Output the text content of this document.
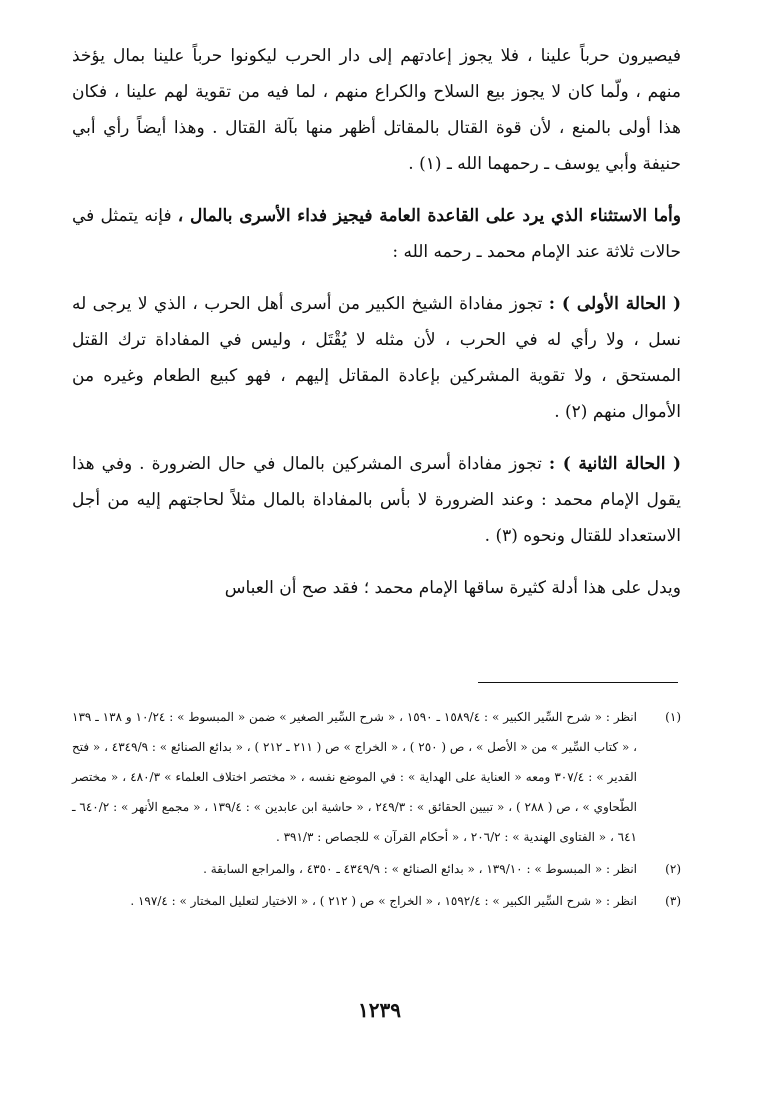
فيصيرون حرباً علينا ، فلا يجوز إعادتهم إلى دار الحرب ليكونوا حرباً علينا بمال يؤخذ منهم ، ولّما كان لا يجوز بيع السلاح والكراع منهم ، لما فيه من تقوية لهم علينا ، فكان هذا أولى بالمنع ، لأن قوة القتال بالمقاتل أظهر منها بآلة القتال . وهذا أيضاً رأي أبي حنيفة وأبي يوسف ـ رحمهما الله ـ (١) .

وأما الاستثناء الذي يرد على القاعدة العامة فيجيز فداء الأسرى بالمال ، فإنه يتمثل في حالات ثلاثة عند الإمام محمد ـ رحمه الله :

( الحالة الأولى ) : تجوز مفاداة الشيخ الكبير من أسرى أهل الحرب ، الذي لا يرجى له نسل ، ولا رأي له في الحرب ، لأن مثله لا يُقْتَل ، وليس في المفاداة ترك القتل المستحق ، ولا تقوية المشركين بإعادة المقاتل إليهم ، فهو كبيع الطعام وغيره من الأموال منهم (٢) .

( الحالة الثانية ) : تجوز مفاداة أسرى المشركين بالمال في حال الضرورة . وفي هذا يقول الإمام محمد : وعند الضرورة لا بأس بالمفاداة بالمال مثلاً لحاجتهم إليه من أجل الاستعداد للقتال ونحوه (٣) .

ويدل على هذا أدلة كثيرة ساقها الإمام محمد ؛ فقد صح أن العباس

(١)
انظر : « شرح السِّير الكبير » : ١٥٨٩/٤ ـ ١٥٩٠ ، « شرح السِّير الصغير » ضمن « المبسوط » : ١٠/٢٤ و ١٣٨ ـ ١٣٩ ، « كتاب السِّير » من « الأصل » ، ص ( ٢٥٠ ) ، « الخراج » ص ( ٢١١ ـ ٢١٢ ) ، « بدائع الصنائع » : ٤٣٤٩/٩ ، « فتح القدير » : ٣٠٧/٤ ومعه « العناية على الهداية » : في الموضع نفسه ، « مختصر اختلاف العلماء » ٤٨٠/٣ ، « مختصر الطّحاوي » ، ص ( ٢٨٨ ) ، « تبيين الحقائق » : ٢٤٩/٣ ، « حاشية ابن عابدين » : ١٣٩/٤ ، « مجمع الأنهر » : ٦٤٠/٢ ـ ٦٤١ ، « الفتاوى الهندية » : ٢٠٦/٢ ، « أحكام القرآن » للجصاص : ٣٩١/٣ .
(٢)
انظر : « المبسوط » : ١٣٩/١٠ ، « بدائع الصنائع » : ٤٣٤٩/٩ ـ ٤٣٥٠ ، والمراجع السابقة .
(٣)
انظر : « شرح السِّير الكبير » : ١٥٩٢/٤ ، « الخراج » ص ( ٢١٢ ) ، « الاختيار لتعليل المختار » : ١٩٧/٤ .
١٢٣٩
